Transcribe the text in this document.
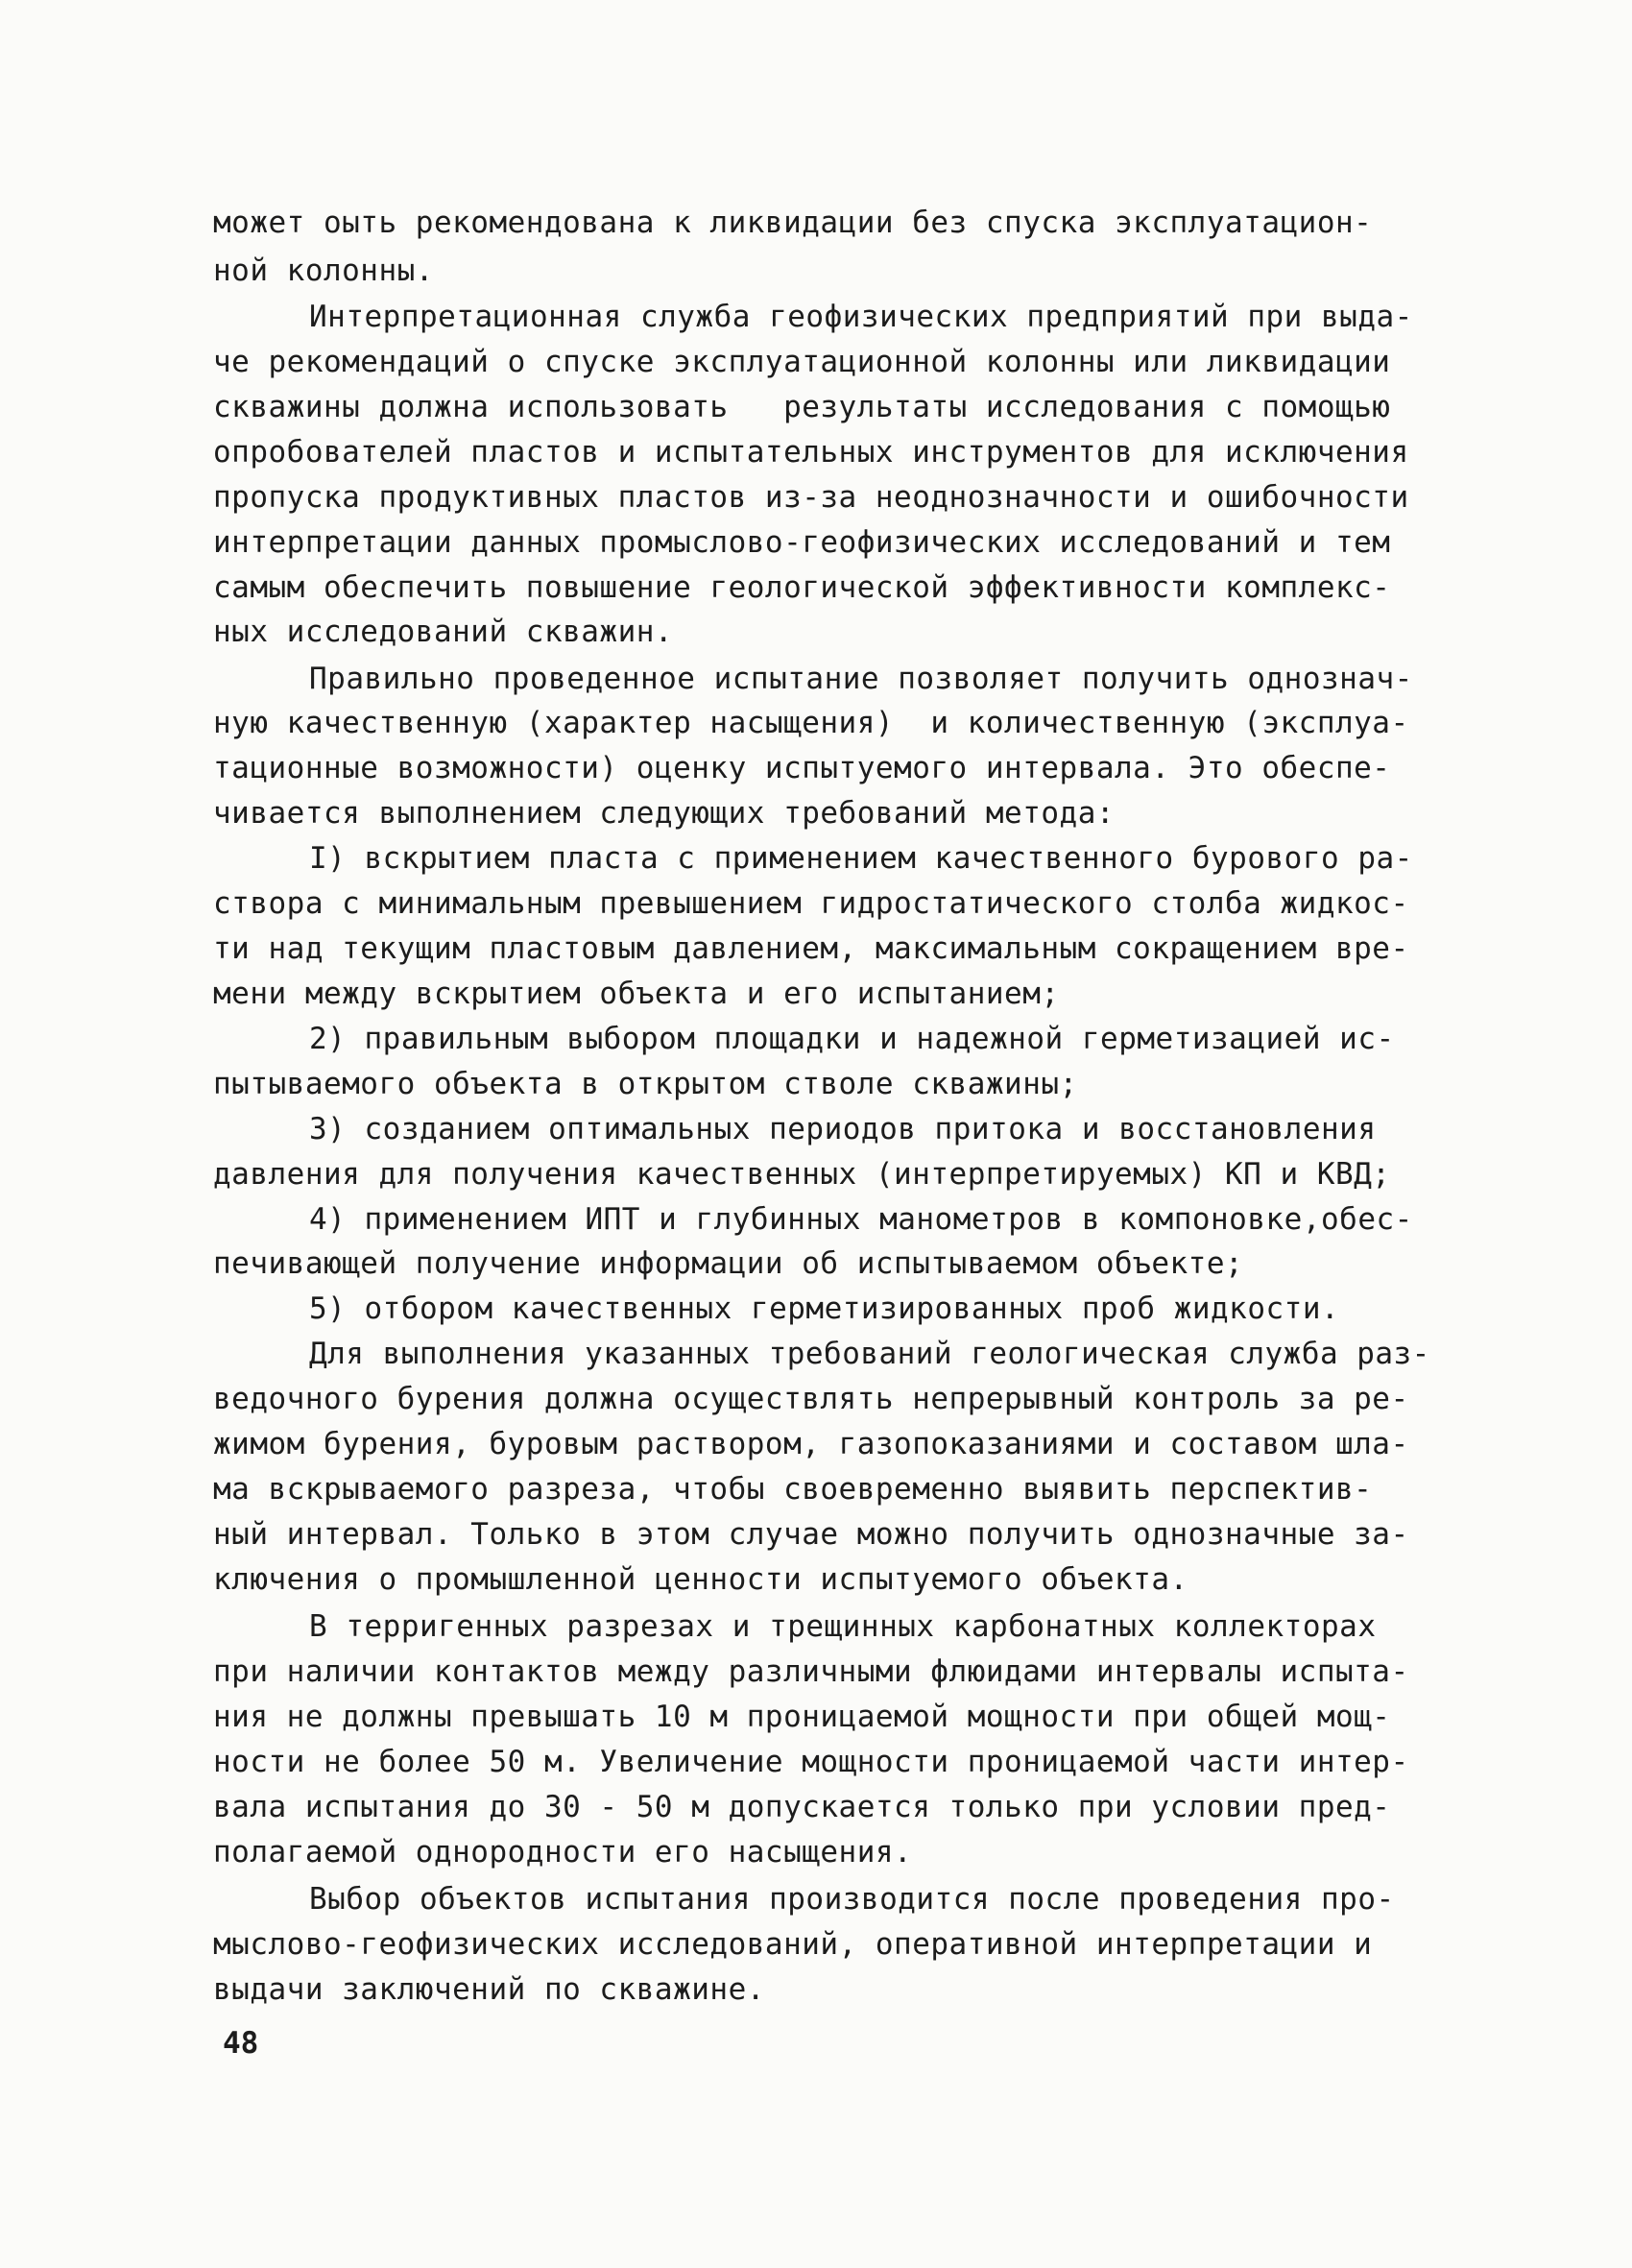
может оыть рекомендована к ликвидации без спуска эксплуатацион-
ной колонны.
Интерпретационная служба геофизических предприятий при выда-
че рекомендаций о спуске эксплуатационной колонны или ликвидации
скважины должна использовать   результаты исследования с помощью
опробователей пластов и испытательных инструментов для исключения
пропуска продуктивных пластов из-за неоднозначности и ошибочности
интерпретации данных промыслово-геофизических исследований и тем
самым обеспечить повышение геологической эффективности комплекс-
ных исследований скважин.
Правильно проведенное испытание позволяет получить однознач-
ную качественную (характер насыщения)  и количественную (эксплуа-
тационные возможности) оценку испытуемого интервала. Это обеспе-
чивается выполнением следующих требований метода:
I) вскрытием пласта с применением качественного бурового ра-
створа с минимальным превышением гидростатического столба жидкос-
ти над текущим пластовым давлением, максимальным сокращением вре-
мени между вскрытием объекта и его испытанием;
2) правильным выбором площадки и надежной герметизацией ис-
пытываемого объекта в открытом стволе скважины;
3) созданием оптимальных периодов притока и восстановления
давления для получения качественных (интерпретируемых) КП и КВД;
4) применением ИПТ и глубинных манометров в компоновке,обес-
печивающей получение информации об испытываемом объекте;
5) отбором качественных герметизированных проб жидкости.
Для выполнения указанных требований геологическая служба раз-
ведочного бурения должна осуществлять непрерывный контроль за ре-
жимом бурения, буровым раствором, газопоказаниями и составом шла-
ма вскрываемого разреза, чтобы своевременно выявить перспектив-
ный интервал. Только в этом случае можно получить однозначные за-
ключения о промышленной ценности испытуемого объекта.
В терригенных разрезах и трещинных карбонатных коллекторах
при наличии контактов между различными флюидами интервалы испыта-
ния не должны превышать 10 м проницаемой мощности при общей мощ-
ности не более 50 м. Увеличение мощности проницаемой части интер-
вала испытания до 30 - 50 м допускается только при условии пред-
полагаемой однородности его насыщения.
Выбор объектов испытания производится после проведения про-
мыслово-геофизических исследований, оперативной интерпретации и
выдачи заключений по скважине.
48
